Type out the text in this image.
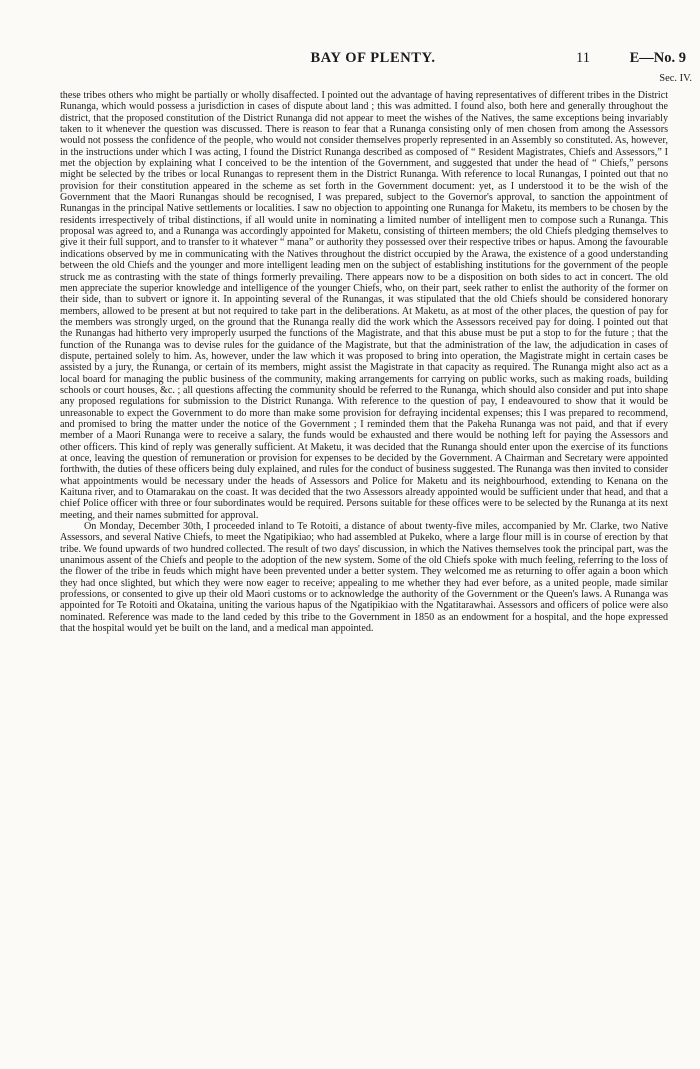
BAY OF PLENTY.	11	E—No. 9
Sec. IV.

these tribes others who might be partially or wholly disaffected. I pointed out the advantage of having representatives of different tribes in the District Runanga, which would possess a jurisdiction in cases of dispute about land ; this was admitted. I found also, both here and generally throughout the district, that the proposed constitution of the District Runanga did not appear to meet the wishes of the Natives, the same exceptions being invariably taken to it whenever the question was discussed. There is reason to fear that a Runanga consisting only of men chosen from among the Assessors would not possess the confidence of the people, who would not consider themselves properly represented in an Assembly so constituted. As, however, in the instructions under which I was acting, I found the District Runanga described as composed of “ Resident Magistrates, Chiefs and Assessors,” I met the objection by explaining what I conceived to be the intention of the Government, and suggested that under the head of “ Chiefs,” persons might be selected by the tribes or local Runangas to represent them in the District Runanga. With reference to local Runangas, I pointed out that no provision for their constitution appeared in the scheme as set forth in the Government document: yet, as I understood it to be the wish of the Government that the Maori Runangas should be recognised, I was prepared, subject to the Governor's approval, to sanction the appointment of Runangas in the principal Native settlements or localities. I saw no objection to appointing one Runanga for Maketu, its members to be chosen by the residents irrespectively of tribal distinctions, if all would unite in nominating a limited number of intelligent men to compose such a Runanga. This proposal was agreed to, and a Runanga was accordingly appointed for Maketu, consisting of thirteen members; the old Chiefs pledging themselves to give it their full support, and to transfer to it whatever “ mana” or authority they possessed over their respective tribes or hapus. Among the favourable indications observed by me in communicating with the Natives throughout the district occupied by the Arawa, the existence of a good understanding between the old Chiefs and the younger and more intelligent leading men on the subject of establishing institutions for the government of the people struck me as contrasting with the state of things formerly prevailing. There appears now to be a disposition on both sides to act in concert. The old men appreciate the superior knowledge and intelligence of the younger Chiefs, who, on their part, seek rather to enlist the authority of the former on their side, than to subvert or ignore it. In appointing several of the Runangas, it was stipulated that the old Chiefs should be considered honorary members, allowed to be present at but not required to take part in the deliberations. At Maketu, as at most of the other places, the question of pay for the members was strongly urged, on the ground that the Runanga really did the work which the Assessors received pay for doing. I pointed out that the Runangas had hitherto very improperly usurped the functions of the Magistrate, and that this abuse must be put a stop to for the future ; that the function of the Runanga was to devise rules for the guidance of the Magistrate, but that the administration of the law, the adjudication in cases of dispute, pertained solely to him. As, however, under the law which it was proposed to bring into operation, the Magistrate might in certain cases be assisted by a jury, the Runanga, or certain of its members, might assist the Magistrate in that capacity as required. The Runanga might also act as a local board for managing the public business of the community, making arrangements for carrying on public works, such as making roads, building schools or court houses, &c. ; all questions affecting the community should be referred to the Runanga, which should also consider and put into shape any proposed regulations for submission to the District Runanga. With reference to the question of pay, I endeavoured to show that it would be unreasonable to expect the Government to do more than make some provision for defraying incidental expenses; this I was prepared to recommend, and promised to bring the matter under the notice of the Government ; I reminded them that the Pakeha Runanga was not paid, and that if every member of a Maori Runanga were to receive a salary, the funds would be exhausted and there would be nothing left for paying the Assessors and other officers. This kind of reply was generally sufficient. At Maketu, it was decided that the Runanga should enter upon the exercise of its functions at once, leaving the question of remuneration or provision for expenses to be decided by the Government. A Chairman and Secretary were appointed forthwith, the duties of these officers being duly explained, and rules for the conduct of business suggested. The Runanga was then invited to consider what appointments would be necessary under the heads of Assessors and Police for Maketu and its neighbourhood, extending to Kenana on the Kaituna river, and to Otamarakau on the coast. It was decided that the two Assessors already appointed would be sufficient under that head, and that a chief Police officer with three or four subordinates would be required. Persons suitable for these offices were to be selected by the Runanga at its next meeting, and their names submitted for approval.

On Monday, December 30th, I proceeded inland to Te Rotoiti, a distance of about twenty-five miles, accompanied by Mr. Clarke, two Native Assessors, and several Native Chiefs, to meet the Ngatipikiao; who had assembled at Pukeko, where a large flour mill is in course of erection by that tribe. We found upwards of two hundred collected. The result of two days' discussion, in which the Natives themselves took the principal part, was the unanimous assent of the Chiefs and people to the adoption of the new system. Some of the old Chiefs spoke with much feeling, referring to the loss of the flower of the tribe in feuds which might have been prevented under a better system. They welcomed me as returning to offer again a boon which they had once slighted, but which they were now eager to receive; appealing to me whether they had ever before, as a united people, made similar professions, or consented to give up their old Maori customs or to acknowledge the authority of the Government or the Queen's laws. A Runanga was appointed for Te Rotoiti and Okataina, uniting the various hapus of the Ngatipikiao with the Ngatitarawhai. Assessors and officers of police were also nominated. Reference was made to the land ceded by this tribe to the Government in 1850 as an endowment for a hospital, and the hope expressed that the hospital would yet be built on the land, and a medical man appointed.
